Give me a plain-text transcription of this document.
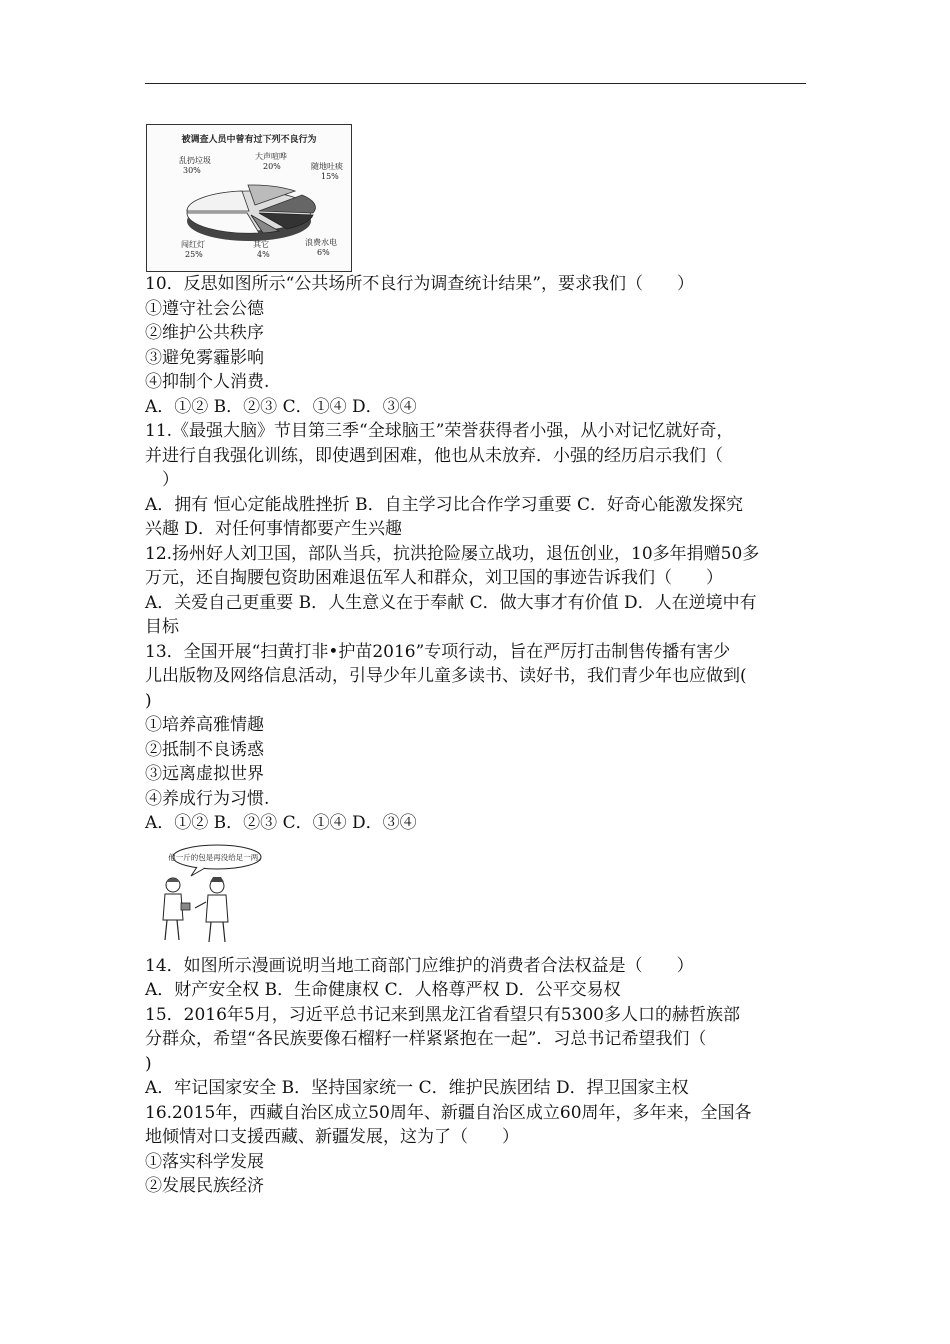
被调查人员中曾有过下列不良行为
乱扔垃圾
30%
大声喧哗
20%	随地吐痰
15%
浪费水电
6%
其它
4%
闯红灯
25%

10．反思如图所示“公共场所不良行为调查统计结果”，要求我们（　　）

①遵守社会公德

②维护公共秩序

③避免雾霾影响

④抑制个人消费.

A．①② B．②③ C．①④ D．③④

11.《最强大脑》节目第三季“全球脑王”荣誉获得者小强，从小对记忆就好奇，

并进行自我强化训练，即使遇到困难，他也从未放弃．小强的经历启示我们（

　）

A．拥有 恒心定能战胜挫折 B．自主学习比合作学习重要 C．好奇心能激发探究

兴趣 D．对任何事情都要产生兴趣

12.扬州好人刘卫国，部队当兵，抗洪抢险屡立战功，退伍创业，10多年捐赠50多

万元，还自掏腰包资助困难退伍军人和群众，刘卫国的事迹告诉我们（　　）

A．关爱自己更重要 B．人生意义在于奉献 C．做大事才有价值 D．人在逆境中有

目标

13．全国开展“扫黄打非•护苗2016”专项行动，旨在严厉打击制售传播有害少

儿出版物及网络信息活动，引导少年儿童多读书、读好书，我们青少年也应做到(

)

①培养高雅情趣

②抵制不良诱惑

③远离虚拟世界

④养成行为习惯.

A．①② B．②③ C．①④ D．③④

他一斤的包是再没给足一两。

14．如图所示漫画说明当地工商部门应维护的消费者合法权益是（　　）

A．财产安全权 B．生命健康权 C．人格尊严权 D．公平交易权

15．2016年5月，习近平总书记来到黑龙江省看望只有5300多人口的赫哲族部

分群众，希望“各民族要像石榴籽一样紧紧抱在一起”．习总书记希望我们（

)

A．牢记国家安全 B．坚持国家统一 C．维护民族团结 D．捍卫国家主权

16.2015年，西藏自治区成立50周年、新疆自治区成立60周年，多年来，全国各

地倾情对口支援西藏、新疆发展，这为了（　　）

①落实科学发展

②发展民族经济
